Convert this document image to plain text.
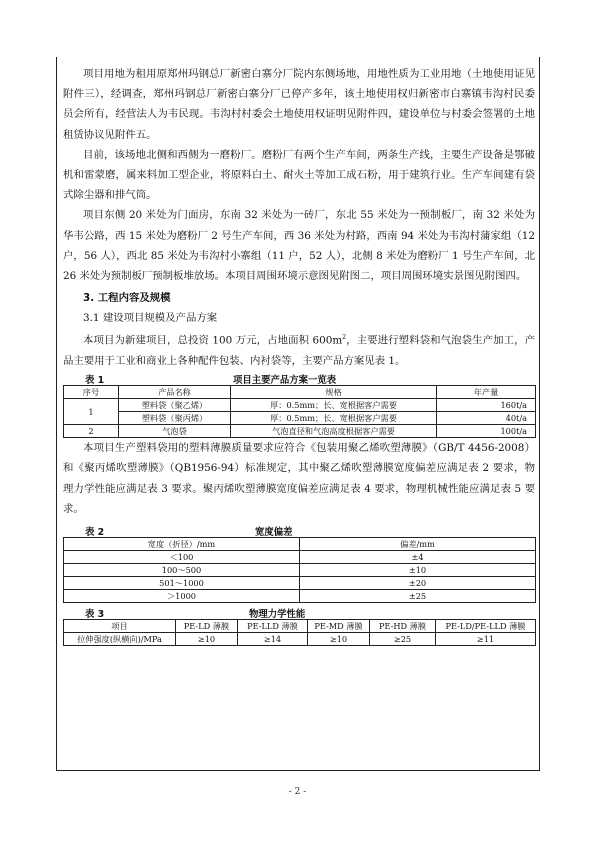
项目用地为租用原郑州玛钢总厂新密白寨分厂院内东侧场地，用地性质为工业用地（土地使用证见附件三），经调查，郑州玛钢总厂新密白寨分厂已停产多年，该土地使用权归新密市白寨镇韦沟村民委员会所有，经营法人为韦民现。韦沟村村委会土地使用权证明见附件四，建设单位与村委会签署的土地租赁协议见附件五。

目前，该场地北侧和西侧为一磨粉厂。磨粉厂有两个生产车间，两条生产线，主要生产设备是鄂破机和雷蒙磨，属来料加工型企业，将原料白土、耐火土等加工成石粉，用于建筑行业。生产车间建有袋式除尘器和排气筒。

项目东侧 20 米处为门面房，东南 32 米处为一砖厂，东北 55 米处为一预制板厂，南 32 米处为华韦公路，西 15 米处为磨粉厂 2 号生产车间，西 36 米处为村路，西南 94 米处为韦沟村蒲家组（12 户，56 人），西北 85 米处为韦沟村小寨组（11 户，52 人），北侧 8 米处为磨粉厂 1 号生产车间，北 26 米处为预制板厂预制板堆放场。本项目周围环境示意图见附图二，项目周围环境实景图见附图四。

3. 工程内容及规模
3.1 建设项目规模及产品方案

本项目为新建项目，总投资 100 万元，占地面积 $600m^2$，主要进行塑料袋和气泡袋生产加工，产品主要用于工业和商业上各种配件包装、内衬袋等，主要产品方案见表 1。

表 1	项目主要产品方案一览表
序号	产品名称	规格	年产量
1	塑料袋（聚乙烯）	厚：0.5mm；长、宽根据客户需要	160t/a
	塑料袋（聚丙烯）	厚：0.5mm；长、宽根据客户需要	40t/a
2	气泡袋	气泡直径和气泡高度根据客户需要	100t/a

本项目生产塑料袋用的塑料薄膜质量要求应符合《包装用聚乙烯吹塑薄膜》（GB/T 4456-2008）和《聚丙烯吹塑薄膜》（QB1956-94）标准规定，其中聚乙烯吹塑薄膜宽度偏差应满足表 2 要求，物理力学性能应满足表 3 要求。聚丙烯吹塑薄膜宽度偏差应满足表 4 要求，物理机械性能应满足表 5 要求。

表 2	宽度偏差
宽度（折径）/mm	偏差/mm
＜100	±4
100～500	±10
501～1000	±20
＞1000	±25
表 3	物理力学性能
项目	PE-LD 薄膜	PE-LLD 薄膜	PE-MD 薄膜	PE-HD 薄膜	PE-LD/PE-LLD 薄膜
拉伸强度(纵横向)/MPa	≥10	≥14	≥10	≥25	≥11
- 2 -
